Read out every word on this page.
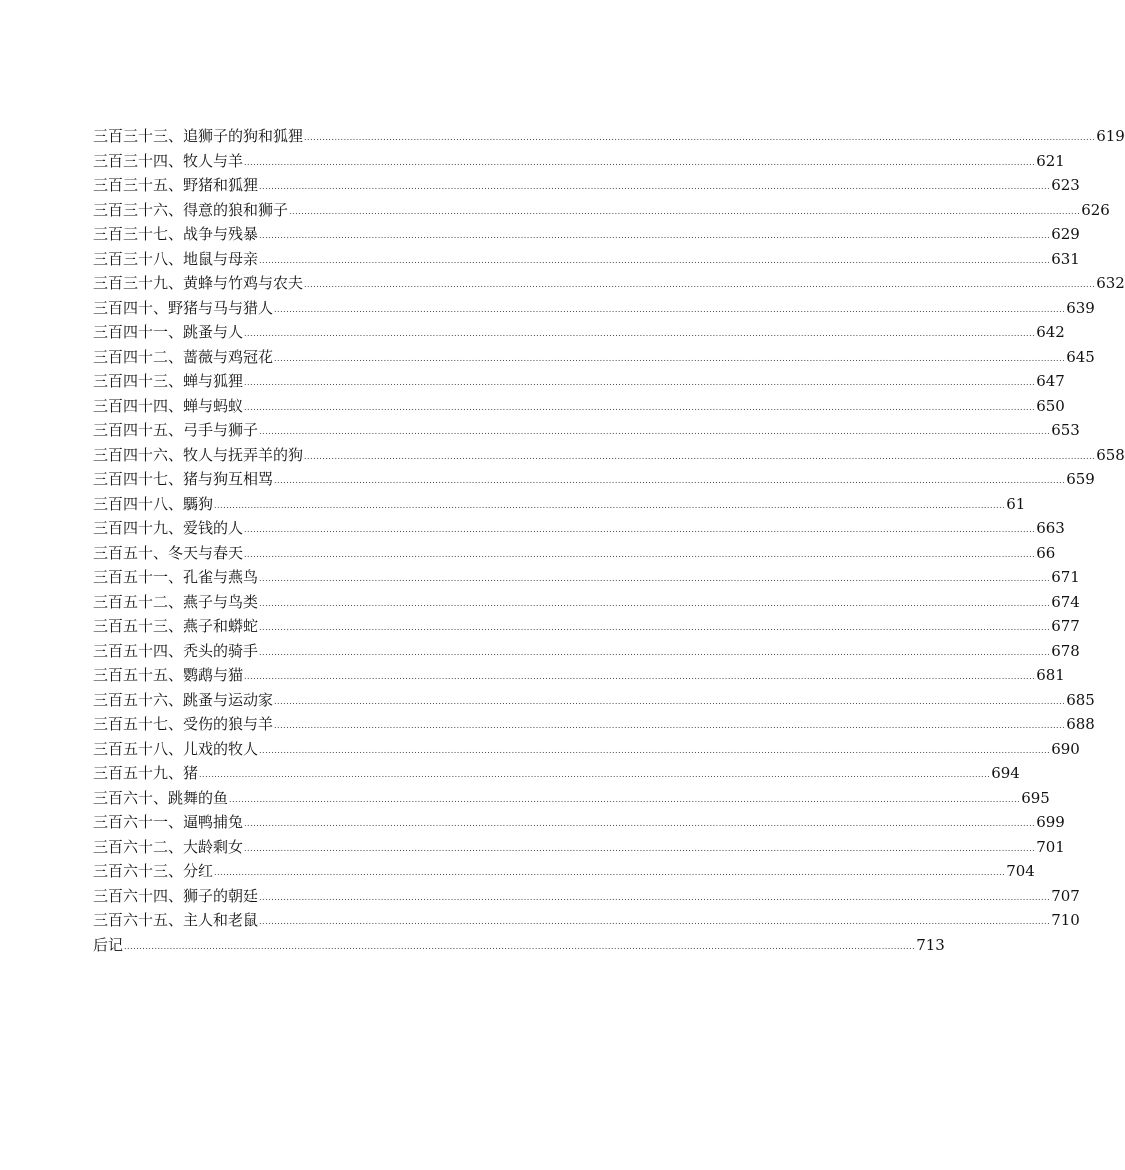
三百三十三、追狮子的狗和狐狸 .................................................................................................................................................................................................................................................................... 619
三百三十四、牧人与羊 .................................................................................................................................................................................................................................................................... 621
三百三十五、野猪和狐狸 .................................................................................................................................................................................................................................................................... 623
三百三十六、得意的狼和狮子 .................................................................................................................................................................................................................................................................... 626
三百三十七、战争与残暴 .................................................................................................................................................................................................................................................................... 629
三百三十八、地鼠与母亲 .................................................................................................................................................................................................................................................................... 631
三百三十九、黄蜂与竹鸡与农夫 .................................................................................................................................................................................................................................................................... 632
三百四十、野猪与马与猎人 .................................................................................................................................................................................................................................................................... 639
三百四十一、跳蚤与人 .................................................................................................................................................................................................................................................................... 642
三百四十二、蔷薇与鸡冠花 .................................................................................................................................................................................................................................................................... 645
三百四十三、蝉与狐狸 .................................................................................................................................................................................................................................................................... 647
三百四十四、蝉与蚂蚁 .................................................................................................................................................................................................................................................................... 650
三百四十五、弓手与狮子 .................................................................................................................................................................................................................................................................... 653
三百四十六、牧人与抚弄羊的狗 .................................................................................................................................................................................................................................................................... 658
三百四十七、猪与狗互相骂 .................................................................................................................................................................................................................................................................... 659
三百四十八、騳狗 .................................................................................................................................................................................................................................................................... 61
三百四十九、爱钱的人 .................................................................................................................................................................................................................................................................... 663
三百五十、冬天与春天 .................................................................................................................................................................................................................................................................... 66
三百五十一、孔雀与燕鸟 .................................................................................................................................................................................................................................................................... 671
三百五十二、燕子与鸟类 .................................................................................................................................................................................................................................................................... 674
三百五十三、燕子和蟒蛇 .................................................................................................................................................................................................................................................................... 677
三百五十四、秃头的骑手 .................................................................................................................................................................................................................................................................... 678
三百五十五、鹦鹉与猫 .................................................................................................................................................................................................................................................................... 681
三百五十六、跳蚤与运动家 .................................................................................................................................................................................................................................................................... 685
三百五十七、受伤的狼与羊 .................................................................................................................................................................................................................................................................... 688
三百五十八、儿戏的牧人 .................................................................................................................................................................................................................................................................... 690
三百五十九、猪 .................................................................................................................................................................................................................................................................... 694
三百六十、跳舞的鱼 .................................................................................................................................................................................................................................................................... 695
三百六十一、逼鸭捕兔 .................................................................................................................................................................................................................................................................... 699
三百六十二、大龄剩女 .................................................................................................................................................................................................................................................................... 701
三百六十三、分红 .................................................................................................................................................................................................................................................................... 704
三百六十四、狮子的朝廷 .................................................................................................................................................................................................................................................................... 707
三百六十五、主人和老鼠 .................................................................................................................................................................................................................................................................... 710
后记 .................................................................................................................................................................................................................................................................... 713
